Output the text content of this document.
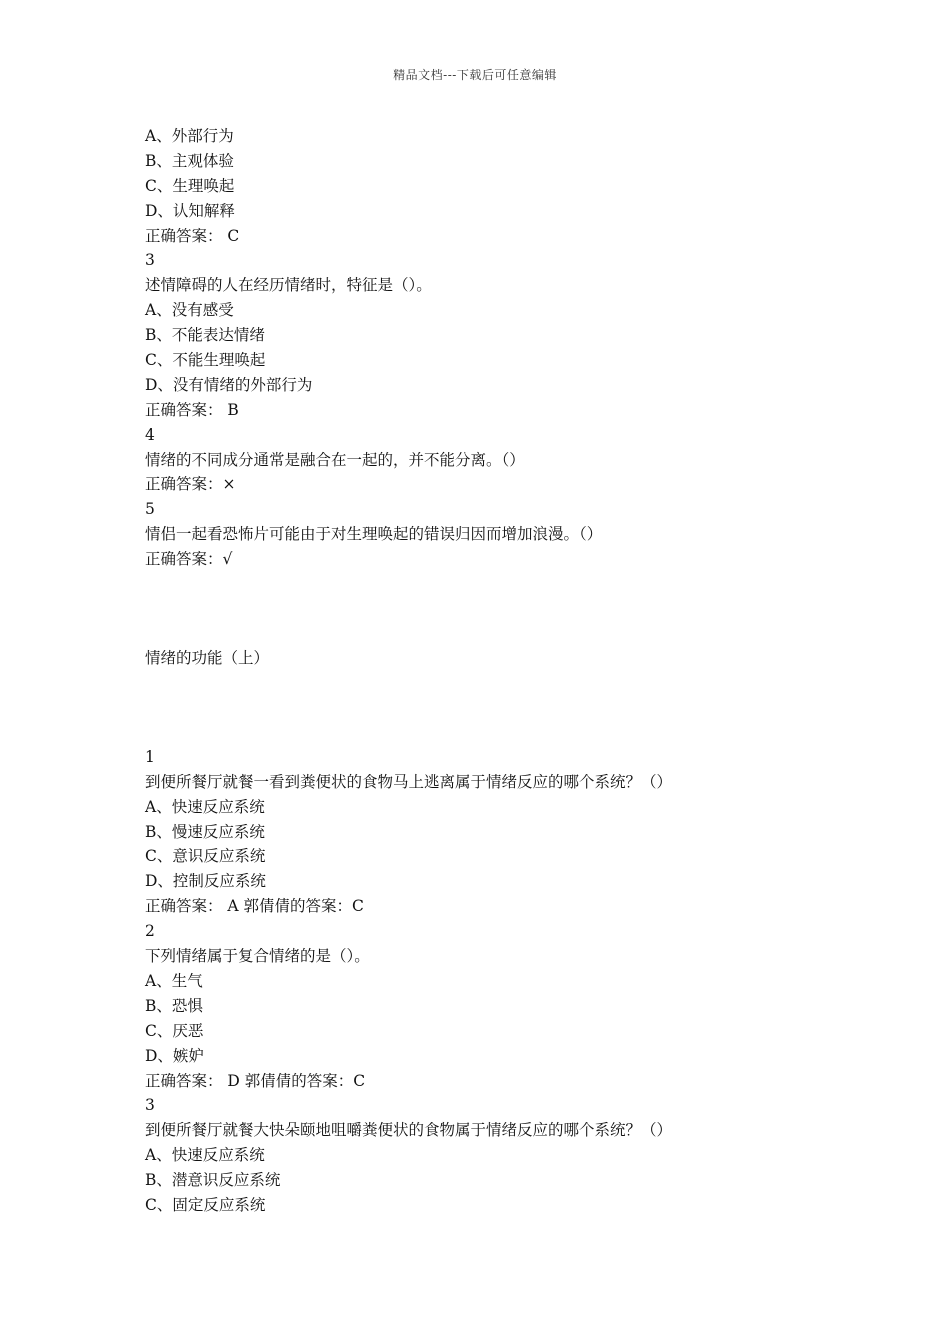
精品文档---下载后可任意编辑
A、外部行为
B、主观体验
C、生理唤起
D、认知解释
正确答案： C
3
述情障碍的人在经历情绪时，特征是（）。
A、没有感受
B、不能表达情绪
C、不能生理唤起
D、没有情绪的外部行为
正确答案： B
4
情绪的不同成分通常是融合在一起的，并不能分离。（）
正确答案：×
5
情侣一起看恐怖片可能由于对生理唤起的错误归因而增加浪漫。（）
正确答案：√
情绪的功能（上）
1
到便所餐厅就餐一看到粪便状的食物马上逃离属于情绪反应的哪个系统？（）
A、快速反应系统
B、慢速反应系统
C、意识反应系统
D、控制反应系统
正确答案： A 郭倩倩的答案：C
2
下列情绪属于复合情绪的是（）。
A、生气
B、恐惧
C、厌恶
D、嫉妒
正确答案： D 郭倩倩的答案：C
3
到便所餐厅就餐大快朵颐地咀嚼粪便状的食物属于情绪反应的哪个系统？（）
A、快速反应系统
B、潜意识反应系统
C、固定反应系统
